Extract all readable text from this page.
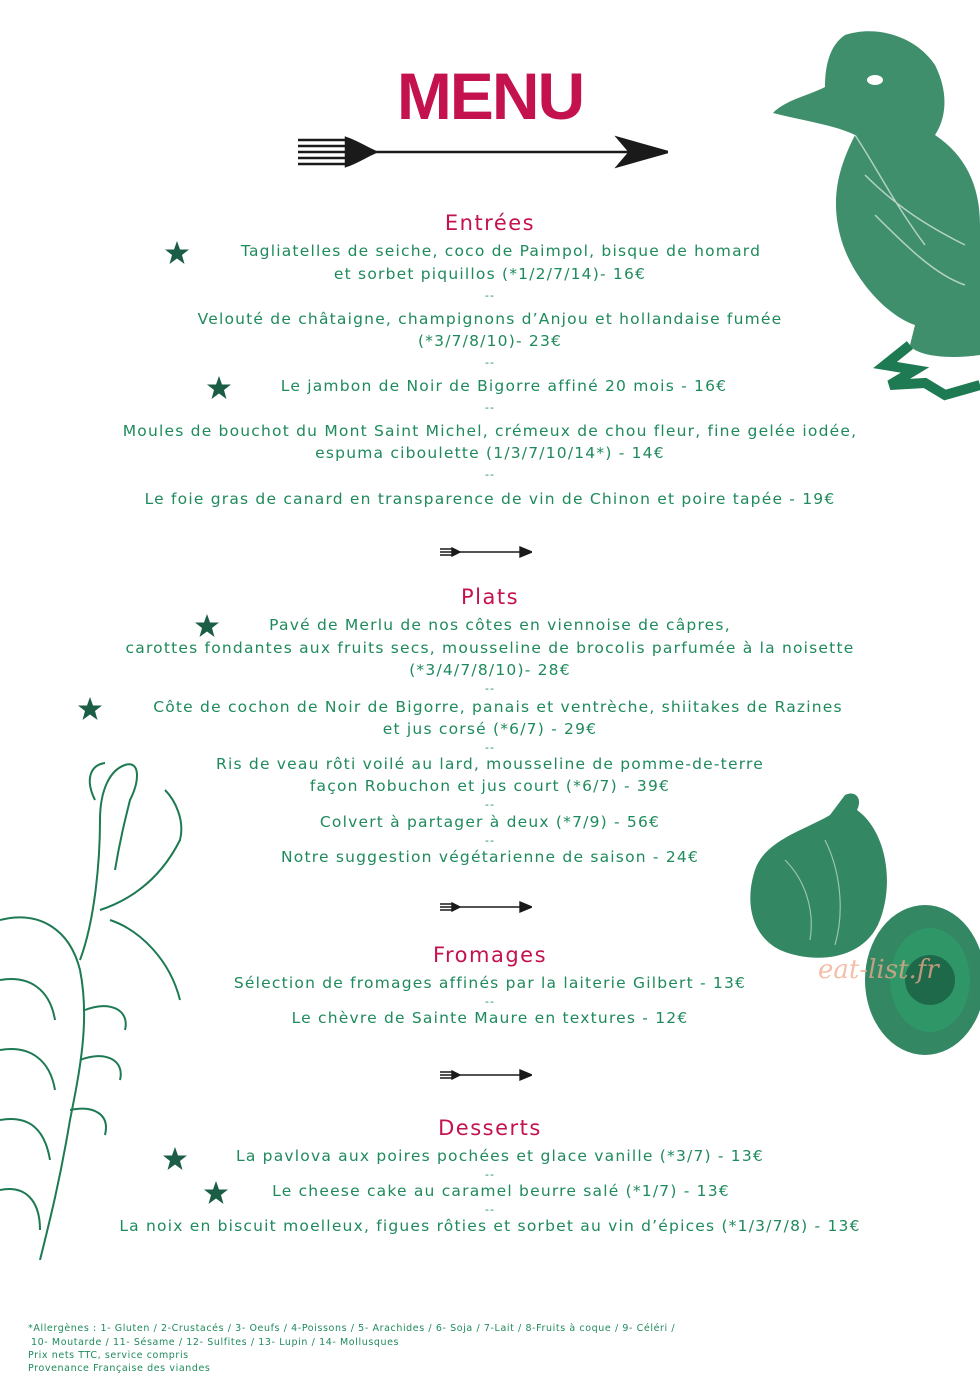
eat-list.fr
MENU
Entrées
Tagliatelles de seiche, coco de Paimpol, bisque de homard
et sorbet piquillos (*1/2/7/14)- 16€
--
Velouté de châtaigne, champignons d’Anjou et hollandaise fumée
(*3/7/8/10)- 23€
--
Le jambon de Noir de Bigorre affiné 20 mois - 16€
--
Moules de bouchot du Mont Saint Michel, crémeux de chou fleur, fine gelée iodée,
espuma ciboulette (1/3/7/10/14*) - 14€
--
Le foie gras de canard en transparence de vin de Chinon et poire tapée - 19€
Plats
Pavé de Merlu de nos côtes en viennoise de câpres,
carottes fondantes aux fruits secs, mousseline de brocolis parfumée à la noisette
(*3/4/7/8/10)- 28€
--
Côte de cochon de Noir de Bigorre, panais et ventrèche, shiitakes de Razines
et jus corsé (*6/7) - 29€
--
Ris de veau rôti voilé au lard, mousseline de pomme-de-terre
façon Robuchon et jus court (*6/7) - 39€
--
Colvert à partager à deux (*7/9) - 56€
--
Notre suggestion végétarienne de saison - 24€
Fromages
Sélection de fromages affinés par la laiterie Gilbert - 13€
--
Le chèvre de Sainte Maure en textures - 12€
Desserts
La pavlova aux poires pochées et glace vanille (*3/7) - 13€
--
Le cheese cake au caramel beurre salé (*1/7) - 13€
--
La noix en biscuit moelleux, figues rôties et sorbet au vin d’épices (*1/3/7/8) - 13€
*Allergènes : 1- Gluten / 2-Crustacés / 3- Oeufs / 4-Poissons / 5- Arachides / 6- Soja / 7-Lait / 8-Fruits à coque / 9- Céléri /
10- Moutarde / 11- Sésame / 12- Sulfites / 13- Lupin / 14- Mollusques
Prix nets TTC, service compris
Provenance Française des viandes
